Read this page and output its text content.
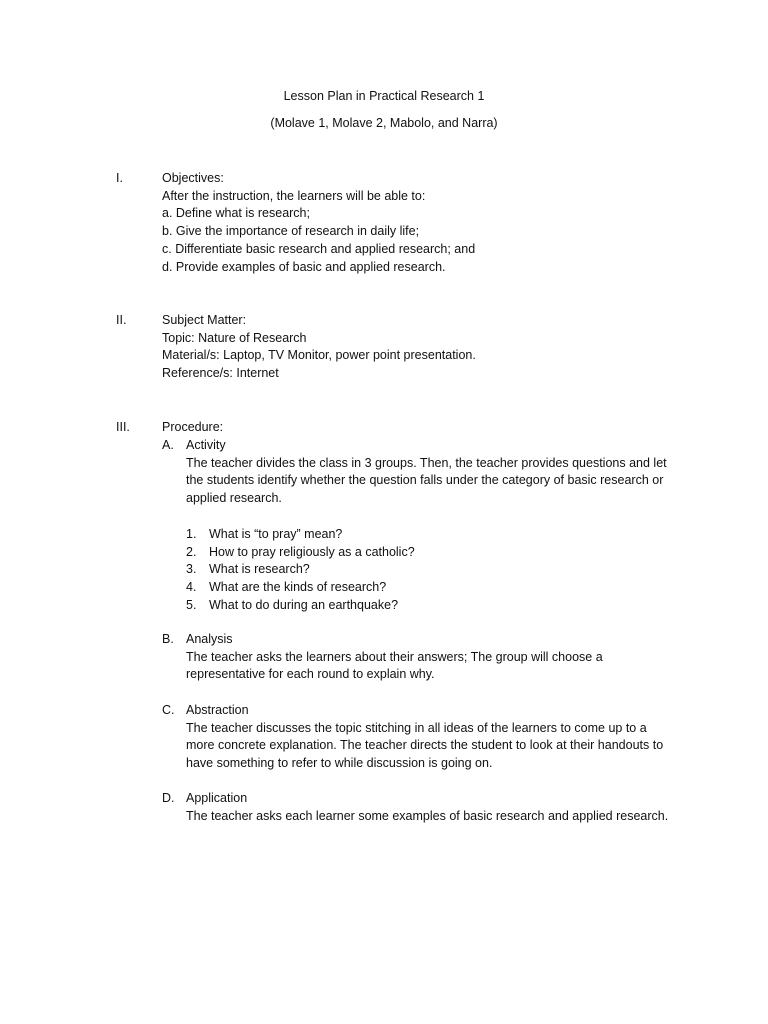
Lesson Plan in Practical Research 1
(Molave 1, Molave 2, Mabolo, and Narra)
I.	Objectives:
After the instruction, the learners will be able to:
a. Define what is research;
b. Give the importance of research in daily life;
c. Differentiate basic research and applied research; and
d. Provide examples of basic and applied research.
II.	Subject Matter:
Topic: Nature of Research
Material/s: Laptop, TV Monitor, power point presentation.
Reference/s: Internet
III.	Procedure:
A. Activity
The teacher divides the class in 3 groups. Then, the teacher provides questions and let the students identify whether the question falls under the category of basic research or applied research.
1. What is “to pray” mean?
2. How to pray religiously as a catholic?
3. What is research?
4. What are the kinds of research?
5. What to do during an earthquake?
B. Analysis
The teacher asks the learners about their answers; The group will choose a representative for each round to explain why.
C. Abstraction
The teacher discusses the topic stitching in all ideas of the learners to come up to a more concrete explanation. The teacher directs the student to look at their handouts to have something to refer to while discussion is going on.
D. Application
The teacher asks each learner some examples of basic research and applied research.
